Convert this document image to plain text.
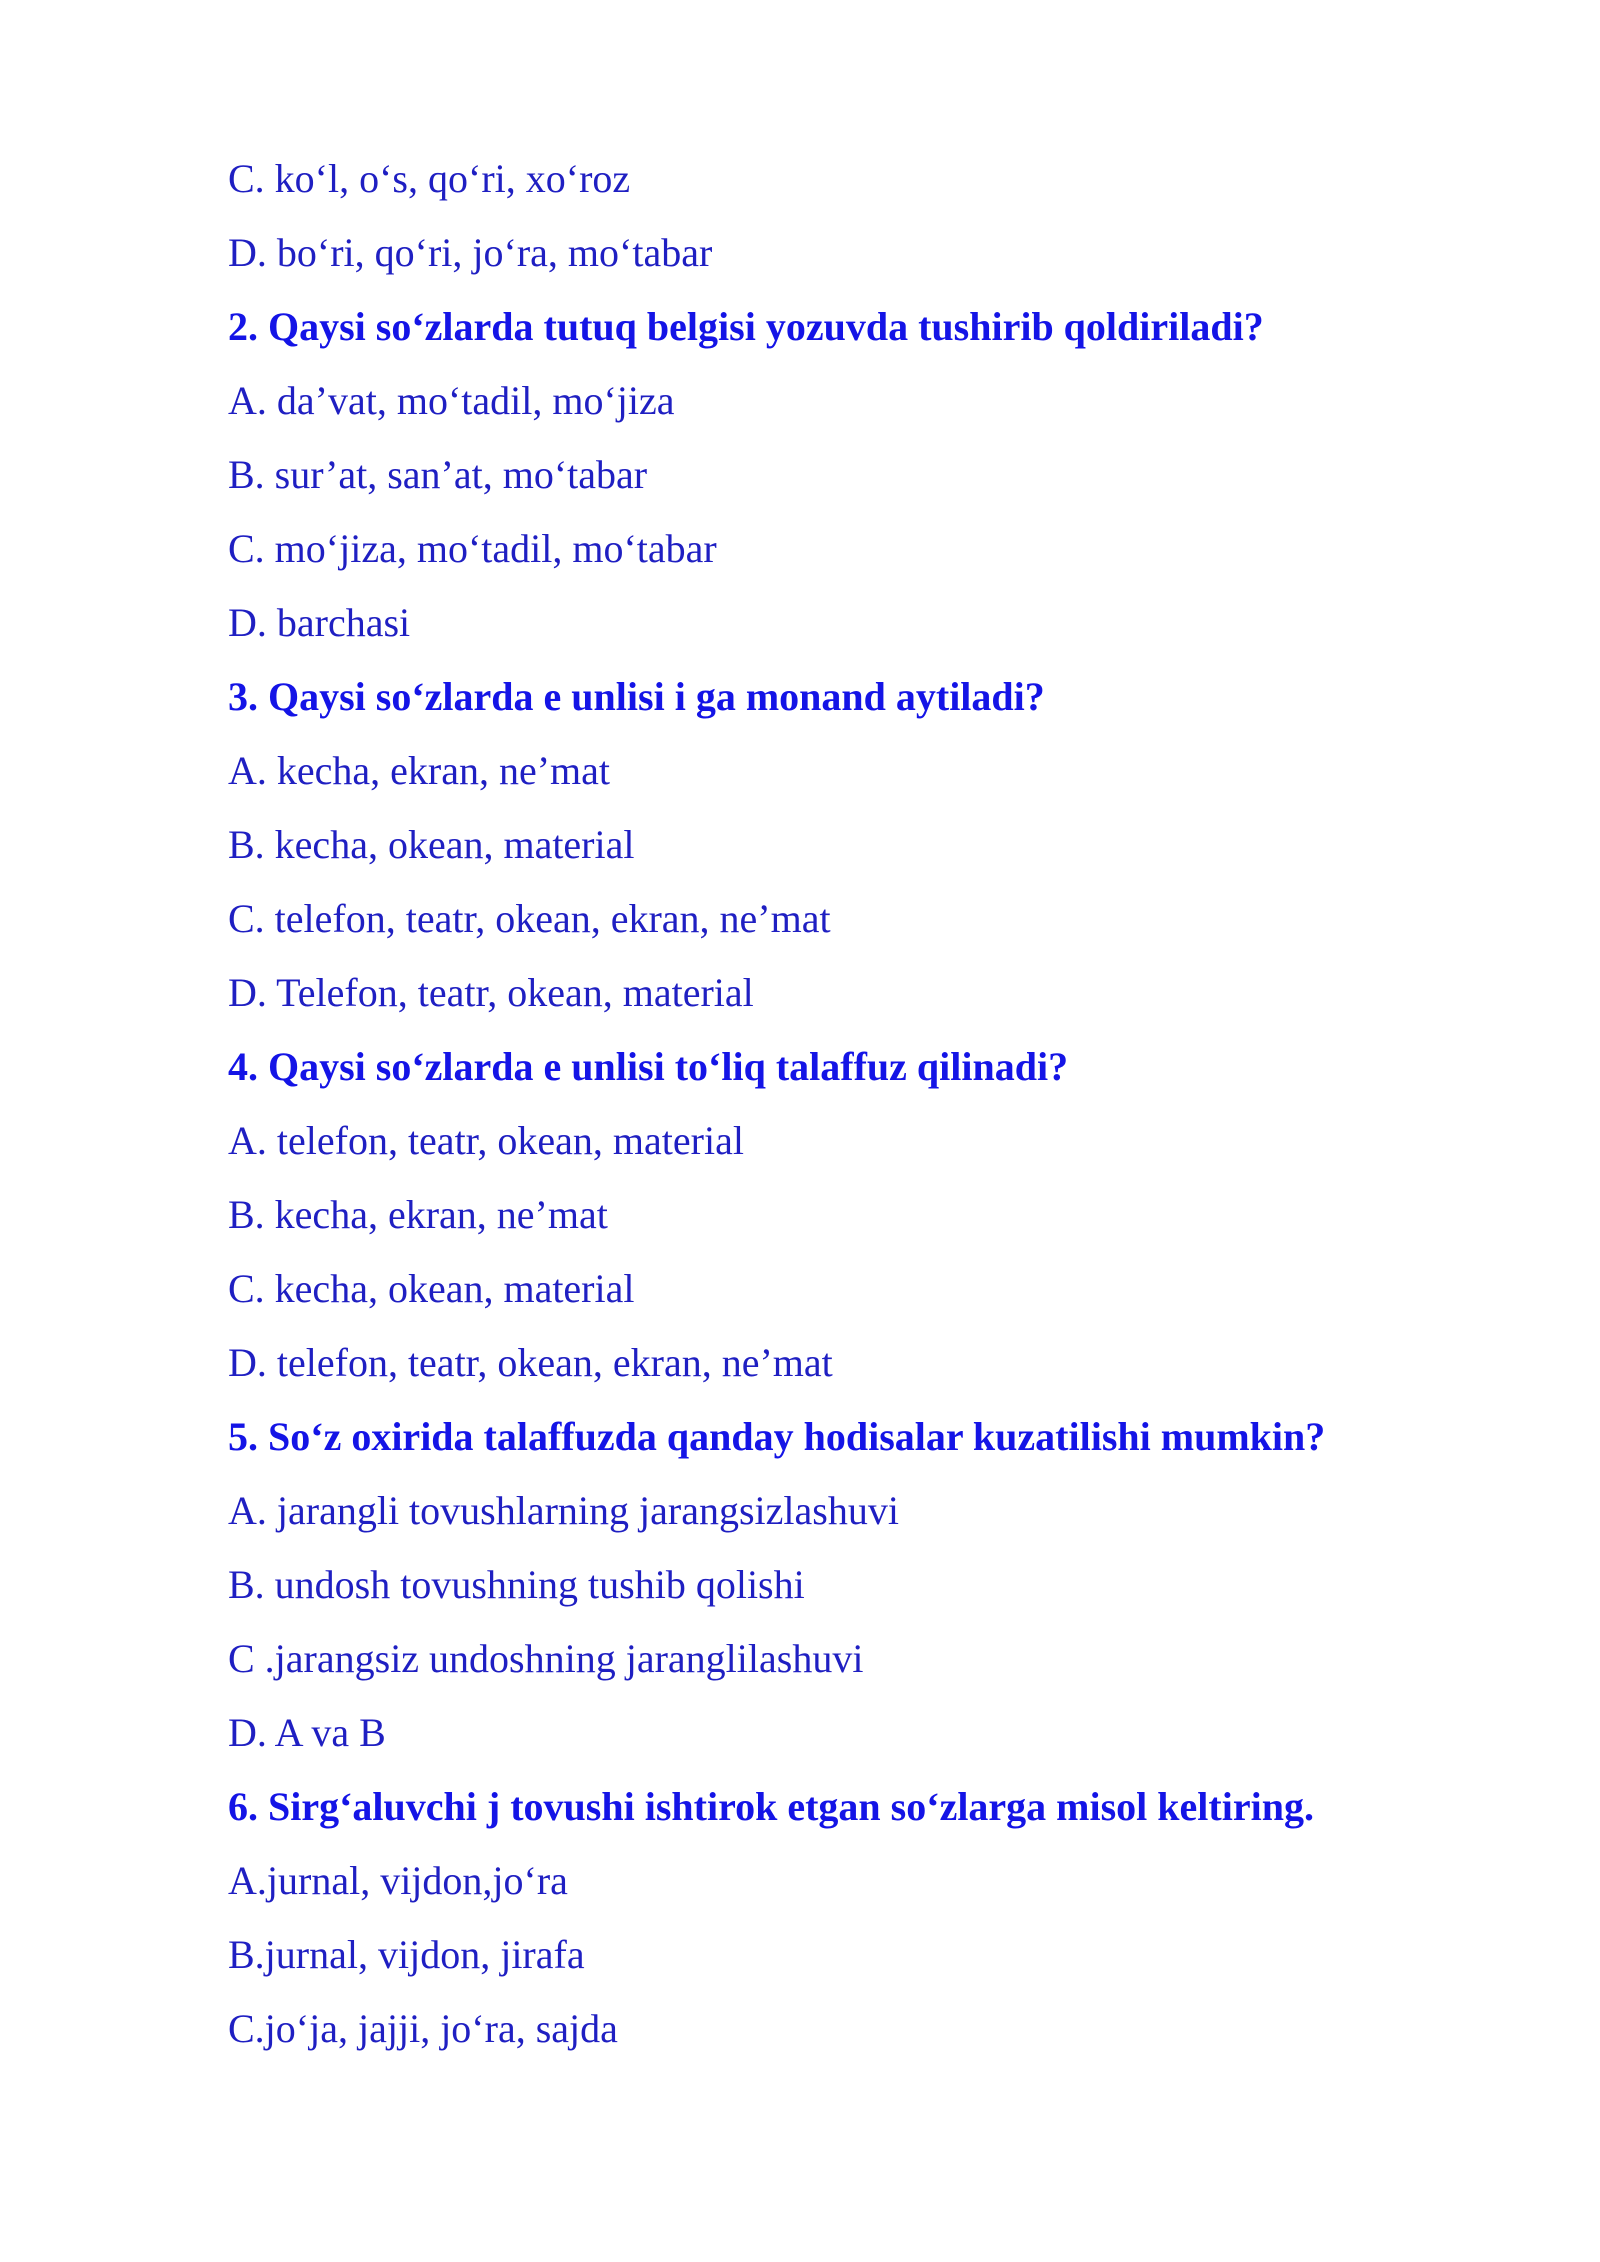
C. ko‘l, o‘s, qo‘ri, xo‘roz
D. bo‘ri, qo‘ri, jo‘ra, mo‘tabar
2. Qaysi so‘zlarda tutuq belgisi yozuvda tushirib qoldiriladi?
A. da’vat, mo‘tadil, mo‘jiza
B. sur’at, san’at, mo‘tabar
C. mo‘jiza, mo‘tadil, mo‘tabar
D. barchasi
3. Qaysi so‘zlarda e unlisi i ga monand aytiladi?
A. kecha, ekran, ne’mat
B. kecha, okean, material
C. telefon, teatr, okean, ekran, ne’mat
D. Telefon, teatr, okean, material
4. Qaysi so‘zlarda e unlisi to‘liq talaffuz qilinadi?
A. telefon, teatr, okean, material
B. kecha, ekran, ne’mat
C. kecha, okean, material
D. telefon, teatr, okean, ekran, ne’mat
5. So‘z oxirida talaffuzda qanday hodisalar kuzatilishi mumkin?
A. jarangli tovushlarning jarangsizlashuvi
B. undosh tovushning tushib qolishi
C .jarangsiz undoshning jaranglilashuvi
D. A va B
6. Sirg‘aluvchi j tovushi ishtirok etgan so‘zlarga misol keltiring.
A.jurnal, vijdon,jo‘ra
B.jurnal, vijdon, jirafa
C.jo‘ja, jajji, jo‘ra, sajda
